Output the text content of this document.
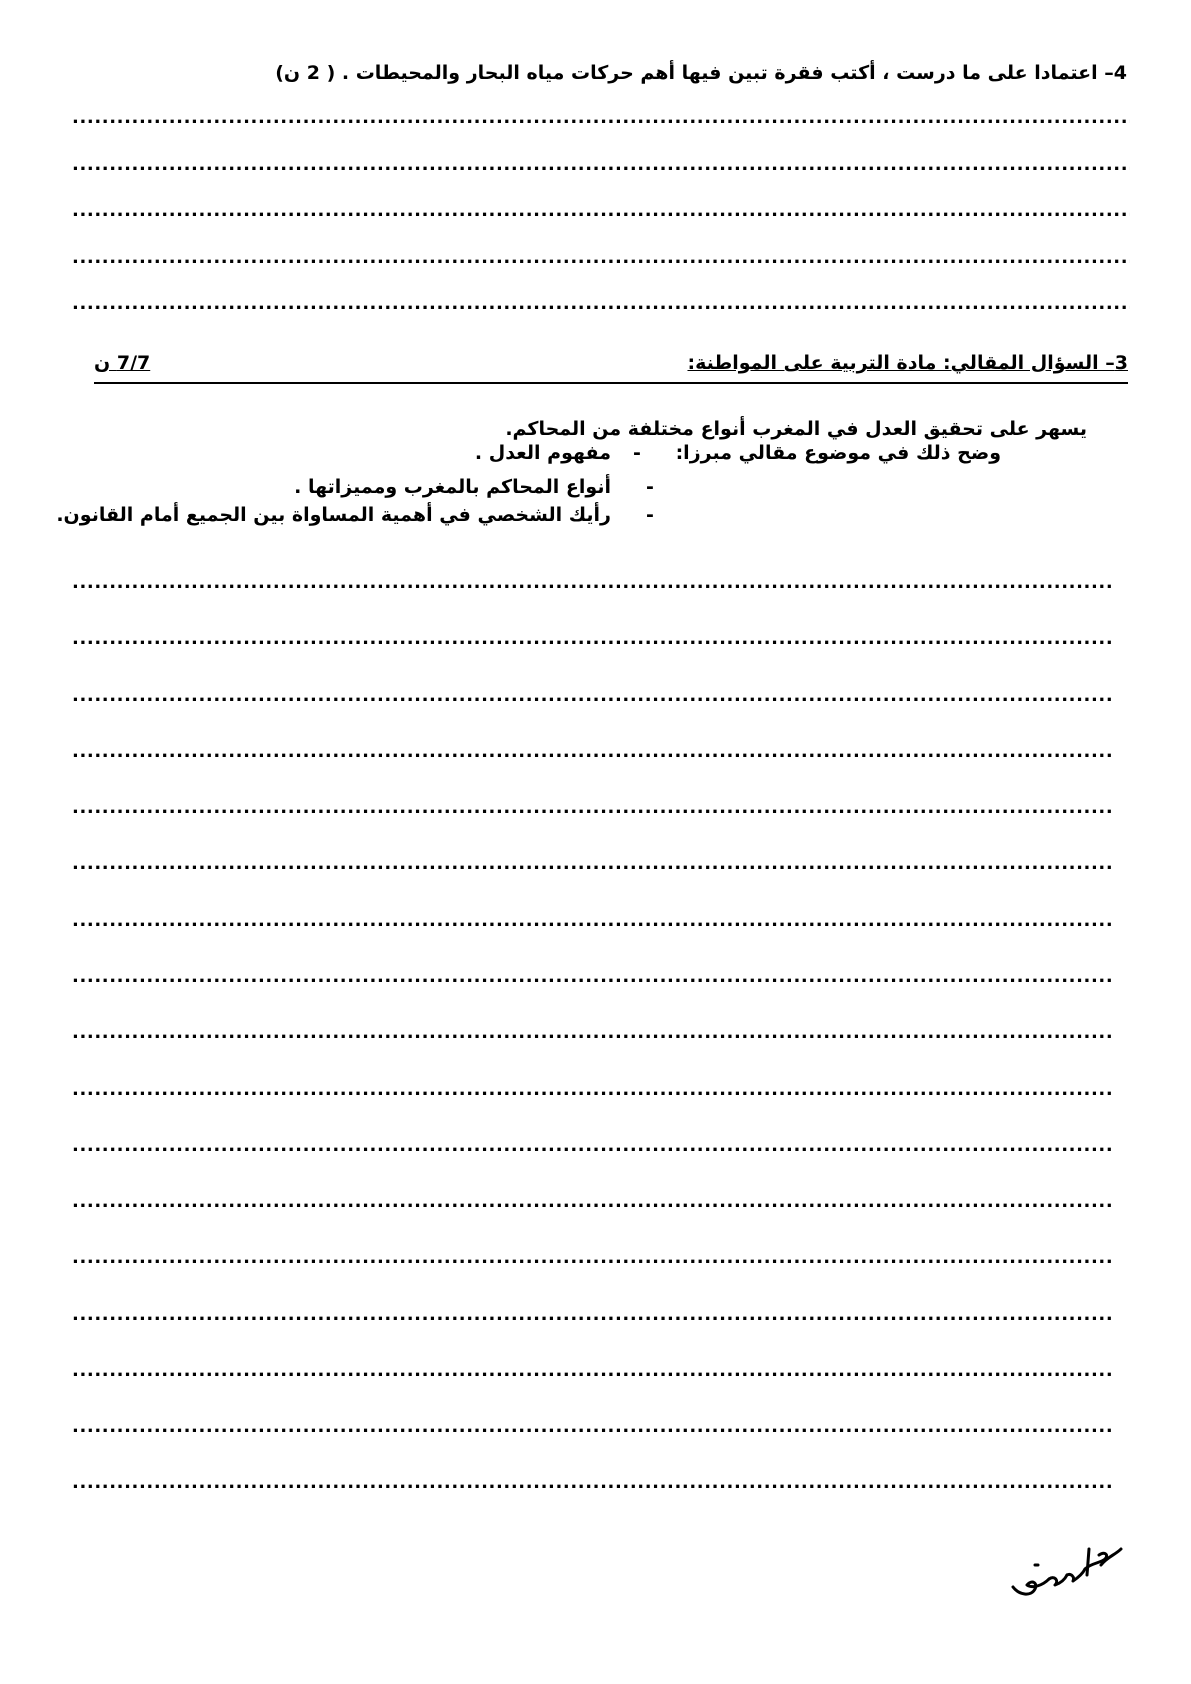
4– اعتمادا على ما درست ، أكتب فقرة تبين فيها أهم حركات مياه البحار والمحيطات . ( 2 ن)
.....
.....
.....
.....
.....
3– السؤال المقالي: مادة التربية على المواطنة:
7/7 ن
يسهر على تحقيق العدل في المغرب أنواع مختلفة من المحاكم.
وضح ذلك في موضوع مقالي مبرزا:
-
مفهوم العدل .
-
أنواع المحاكم بالمغرب ومميزاتها .
-
رأيك الشخصي في أهمية المساواة بين الجميع أمام القانون.
.....
.....
.....
.....
.....
.....
.....
.....
.....
.....
.....
.....
.....
.....
.....
.....
.....
